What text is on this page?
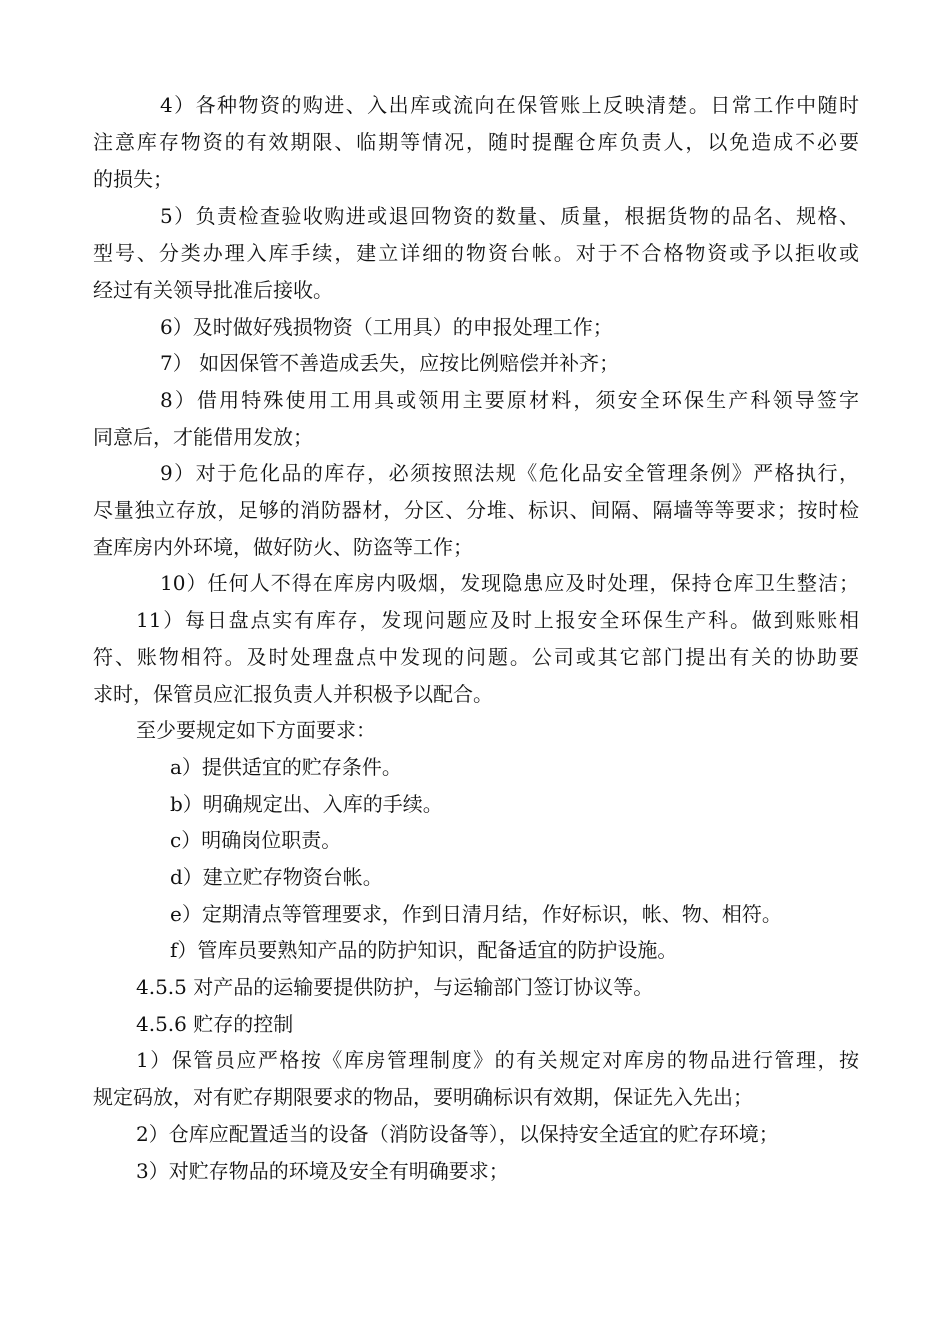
4）各种物资的购进、入出库或流向在保管账上反映清楚。日常工作中随时
注意库存物资的有效期限、临期等情况，随时提醒仓库负责人，以免造成不必要
的损失；
5）负责检查验收购进或退回物资的数量、质量，根据货物的品名、规格、
型号、分类办理入库手续，建立详细的物资台帐。对于不合格物资或予以拒收或
经过有关领导批准后接收。
6）及时做好残损物资（工用具）的申报处理工作；
7） 如因保管不善造成丢失，应按比例赔偿并补齐；
8）借用特殊使用工用具或领用主要原材料，须安全环保生产科领导签字
同意后，才能借用发放；
9）对于危化品的库存，必须按照法规《危化品安全管理条例》严格执行，
尽量独立存放，足够的消防器材，分区、分堆、标识、间隔、隔墙等等要求；按时检
查库房内外环境，做好防火、防盗等工作；
10）任何人不得在库房内吸烟，发现隐患应及时处理，保持仓库卫生整洁；
11）每日盘点实有库存，发现问题应及时上报安全环保生产科。做到账账相
符、账物相符。及时处理盘点中发现的问题。公司或其它部门提出有关的协助要
求时，保管员应汇报负责人并积极予以配合。
至少要规定如下方面要求：
a）提供适宜的贮存条件。
b）明确规定出、入库的手续。
c）明确岗位职责。
d）建立贮存物资台帐。
e）定期清点等管理要求，作到日清月结，作好标识，帐、物、相符。
f）管库员要熟知产品的防护知识，配备适宜的防护设施。
4.5.5 对产品的运输要提供防护，与运输部门签订协议等。
4.5.6 贮存的控制
1）保管员应严格按《库房管理制度》的有关规定对库房的物品进行管理，按
规定码放，对有贮存期限要求的物品，要明确标识有效期，保证先入先出；
2）仓库应配置适当的设备（消防设备等），以保持安全适宜的贮存环境；
3）对贮存物品的环境及安全有明确要求；
